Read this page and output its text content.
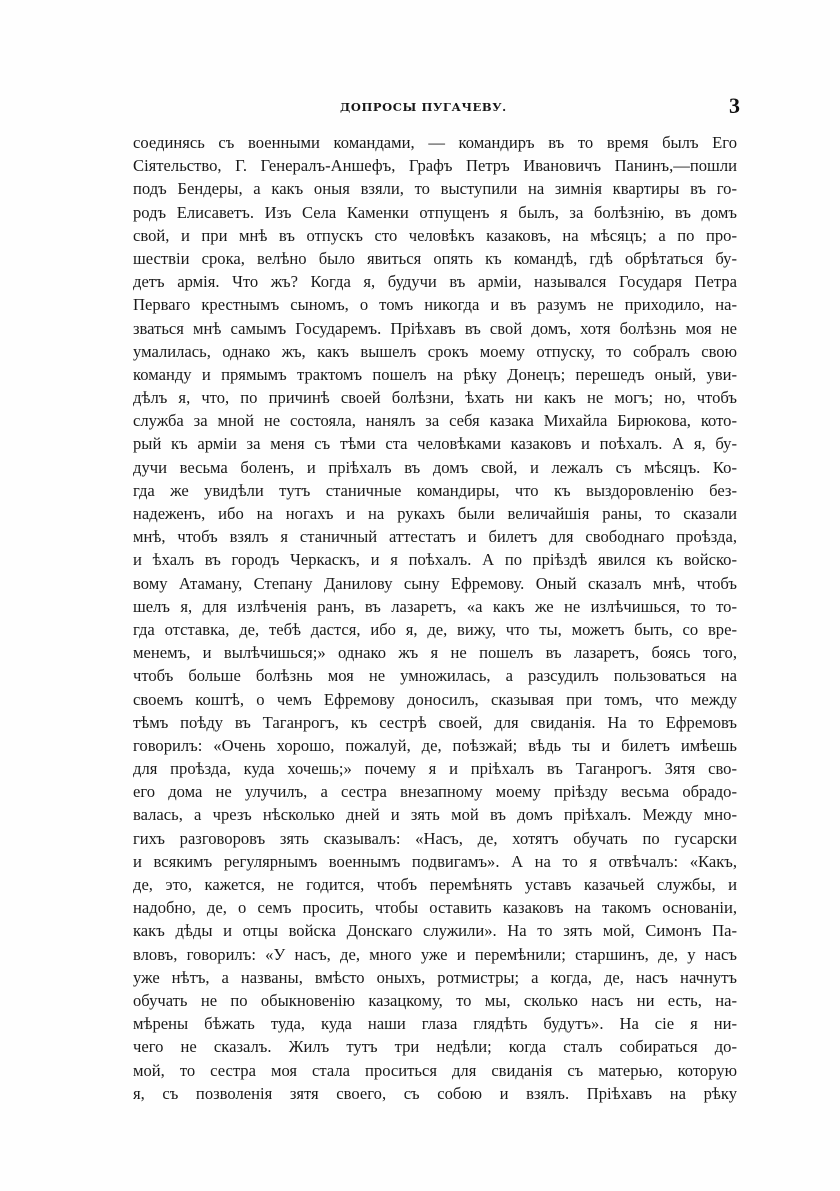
ДОПРОСЫ ПУГАЧЕВУ.	3
соединясь съ военными командами, — командиръ въ то время былъ Его
Сiятельство, Г. Генералъ-Аншефъ, Графъ Петръ Ивановичъ Панинъ,—пошли
подъ Бендеры, а какъ оныя взяли, то выступили на зимнiя квартиры въ го-
родъ Елисаветъ. Изъ Села Каменки отпущенъ я былъ, за болѣзнiю, въ домъ
свой, и при мнѣ въ отпускъ сто человѣкъ казаковъ, на мѣсяцъ; а по про-
шествiи срока, велѣно было явиться опять къ командѣ, гдѣ обрѣтаться бу-
детъ армiя. Что жъ? Когда я, будучи въ армiи, назывался Государя Петра
Перваго крестнымъ сыномъ, о томъ никогда и въ разумъ не приходило, на-
зваться мнѣ самымъ Государемъ. Прiѣхавъ въ свой домъ, хотя болѣзнь моя не
умалилась, однако жъ, какъ вышелъ срокъ моему отпуску, то собралъ свою
команду и прямымъ трактомъ пошелъ на рѣку Донецъ; перешедъ оный, уви-
дѣлъ я, что, по причинѣ своей болѣзни, ѣхать ни какъ не могъ; но, чтобъ
служба за мной не состояла, нанялъ за себя казака Михайла Бирюкова, кото-
рый къ армiи за меня съ тѣми ста человѣками казаковъ и поѣхалъ. А я, бу-
дучи весьма боленъ, и прiѣхалъ въ домъ свой, и лежалъ съ мѣсяцъ. Ко-
гда же увидѣли тутъ станичные командиры, что къ выздоровленiю без-
надеженъ, ибо на ногахъ и на рукахъ были величайшiя раны, то сказали
мнѣ, чтобъ взялъ я станичный аттестатъ и билетъ для свободнаго проѣзда,
и ѣхалъ въ городъ Черкаскъ, и я поѣхалъ. А по прiѣздѣ явился къ войско-
вому Атаману, Степану Данилову сыну Ефремову. Оный сказалъ мнѣ, чтобъ
шелъ я, для излѣченiя ранъ, въ лазаретъ, «а какъ же не излѣчишься, то то-
гда отставка, де, тебѣ дастся, ибо я, де, вижу, что ты, можетъ быть, со вре-
менемъ, и вылѣчишься;» однако жъ я не пошелъ въ лазаретъ, боясь того,
чтобъ больше болѣзнь моя не умножилась, а разсудилъ пользоваться на
своемъ коштѣ, о чемъ Ефремову доносилъ, сказывая при томъ, что между
тѣмъ поѣду въ Таганрогъ, къ сестрѣ своей, для свиданiя. На то Ефремовъ
говорилъ: «Очень хорошо, пожалуй, де, поѣзжай; вѣдь ты и билетъ имѣешь
для проѣзда, куда хочешь;» почему я и прiѣхалъ въ Таганрогъ. Зятя сво-
его дома не улучилъ, а сестра внезапному моему прiѣзду весьма обрадо-
валась, а чрезъ нѣсколько дней и зять мой въ домъ прiѣхалъ. Между мно-
гихъ разговоровъ зять сказывалъ: «Насъ, де, хотятъ обучать по гусарски
и всякимъ регулярнымъ военнымъ подвигамъ». А на то я отвѣчалъ: «Какъ,
де, это, кажется, не годится, чтобъ перемѣнять уставъ казачьей службы, и
надобно, де, о семъ просить, чтобы оставить казаковъ на такомъ основанiи,
какъ дѣды и отцы войска Донскаго служили». На то зять мой, Симонъ Па-
вловъ, говорилъ: «У насъ, де, много уже и перемѣнили; старшинъ, де, у насъ
уже нѣтъ, а названы, вмѣсто оныхъ, ротмистры; а когда, де, насъ начнутъ
обучать не по обыкновенiю казацкому, то мы, сколько насъ ни есть, на-
мѣрены бѣжать туда, куда наши глаза глядѣть будутъ». На сiе я ни-
чего не сказалъ. Жилъ тутъ три недѣли; когда сталъ собираться до-
мой, то сестра моя стала проситься для свиданiя съ матерью, которую
я, съ позволенiя зятя своего, съ собою и взялъ. Прiѣхавъ на рѣку
